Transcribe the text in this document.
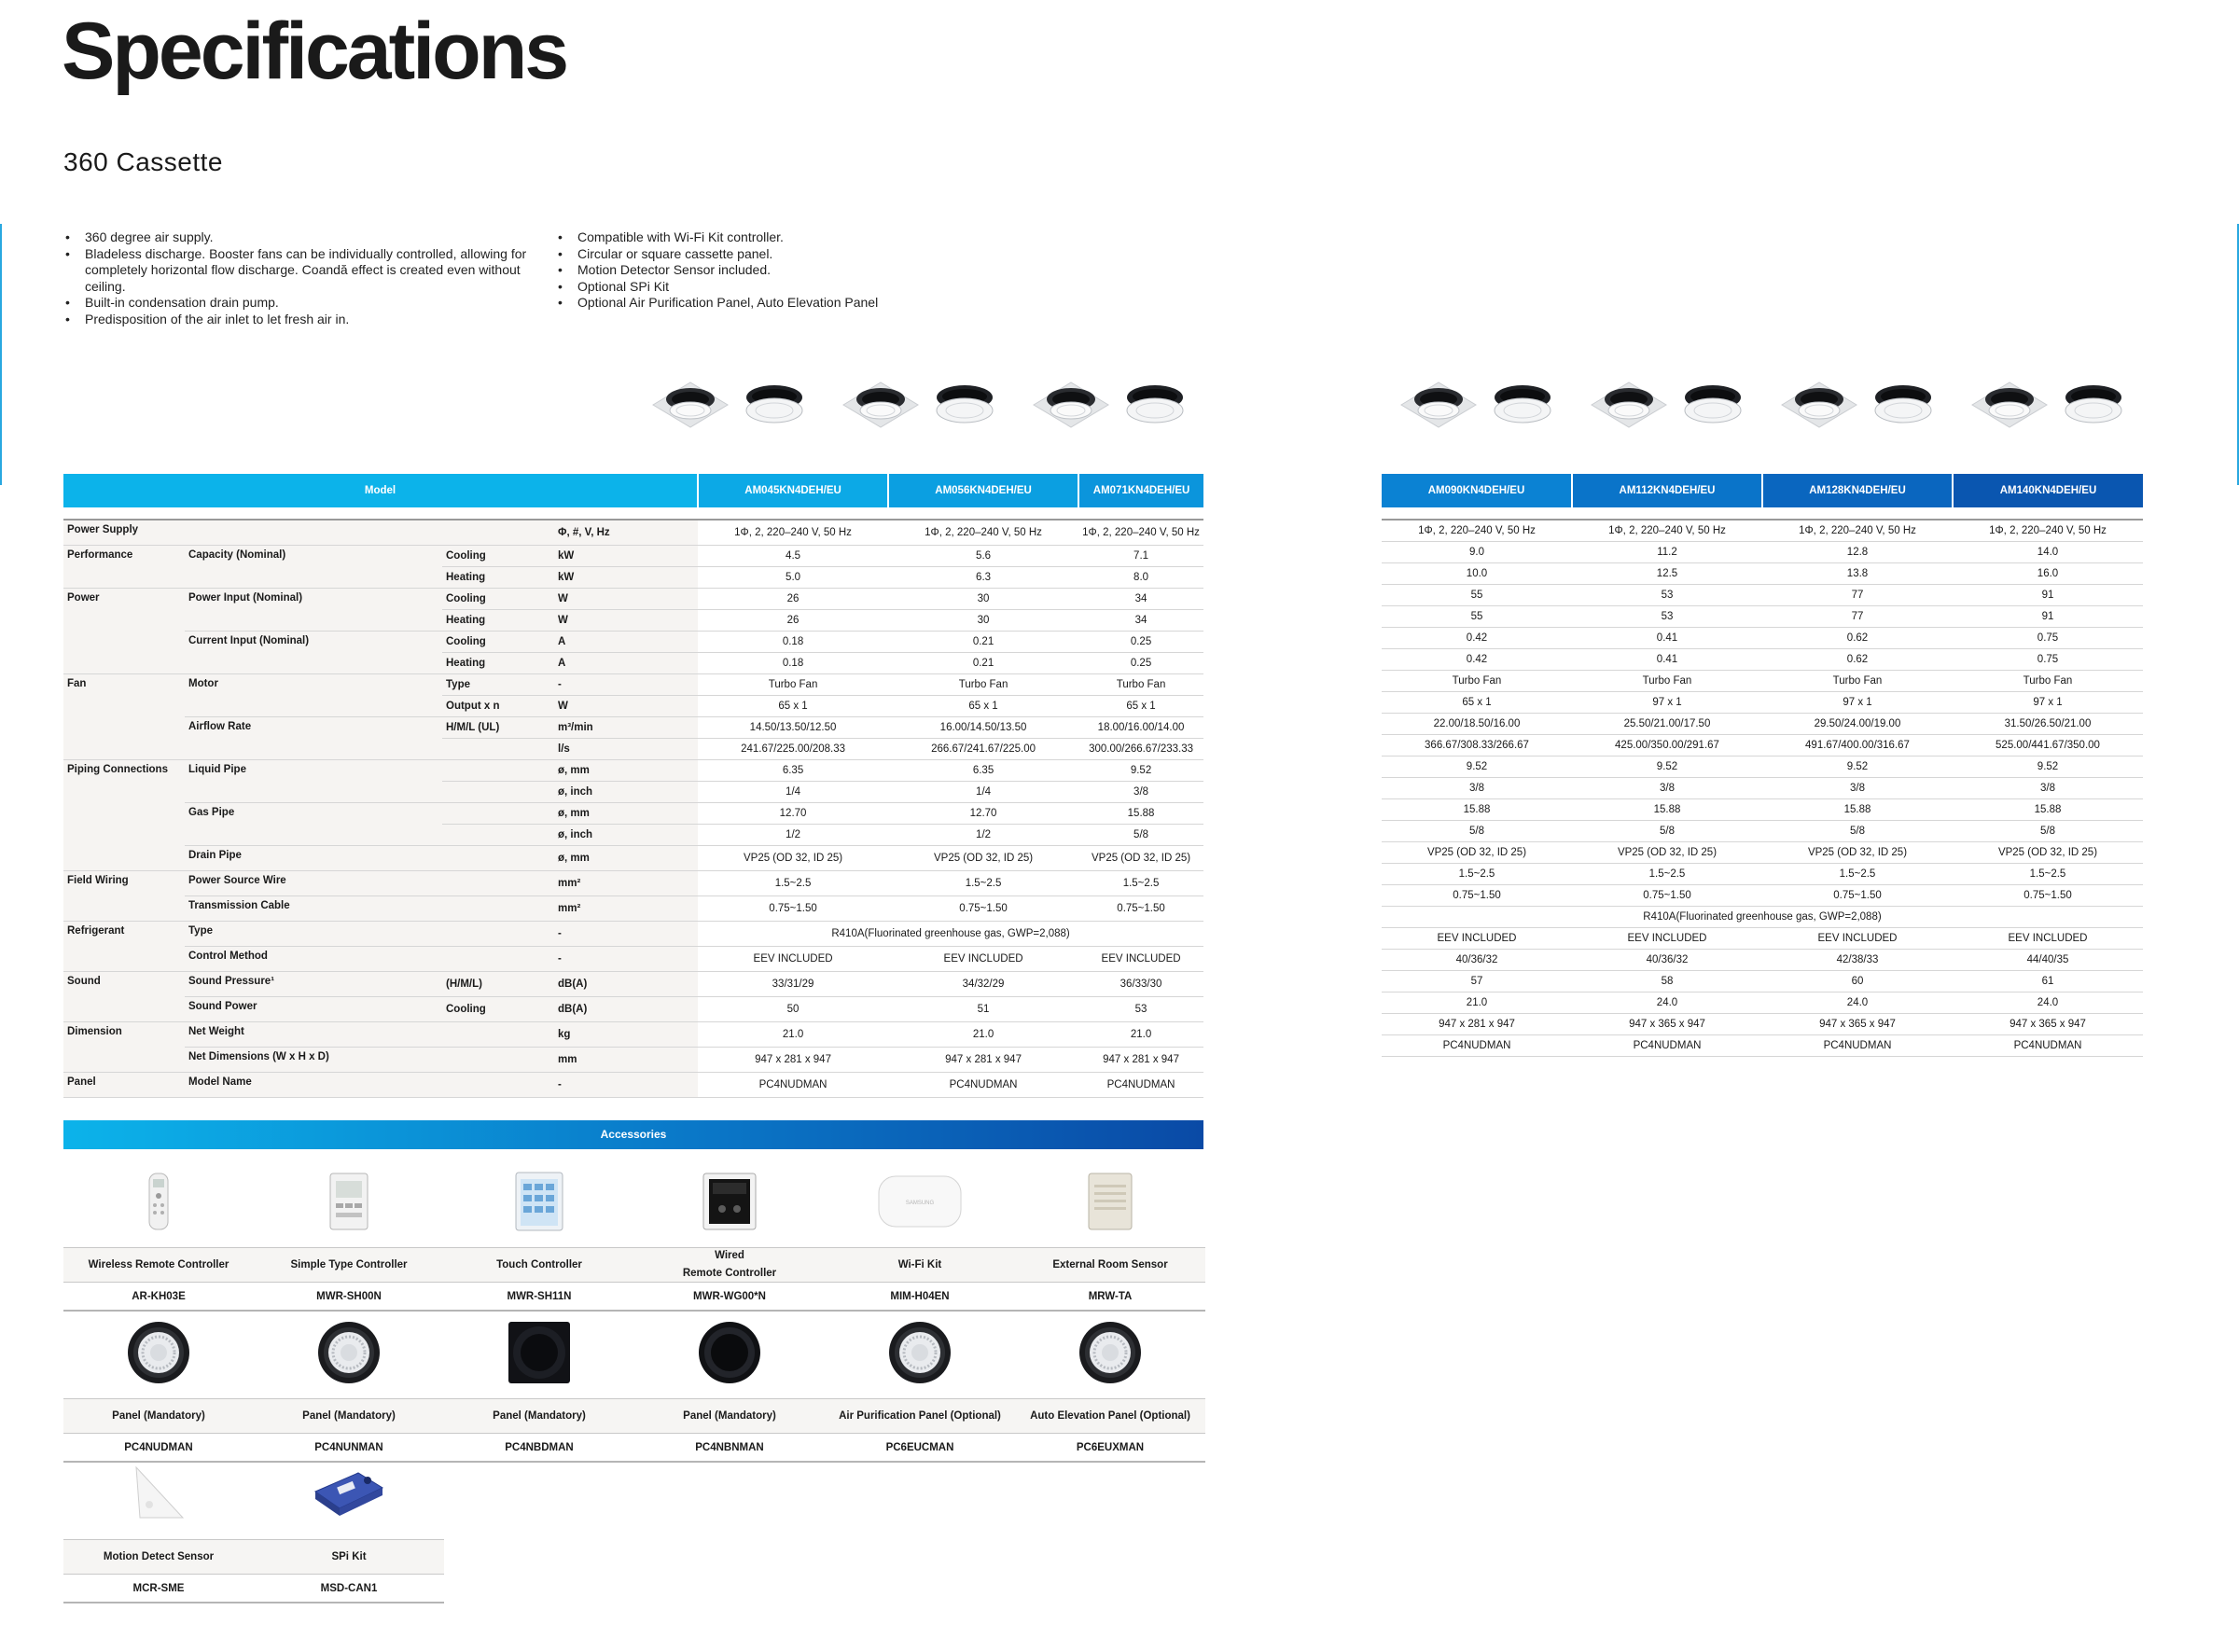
Specifications
360 Cassette
• 360 degree air supply.
• Bladeless discharge. Booster fans can be individually controlled, allowing for completely horizontal flow discharge. Coandă effect is created even without ceiling.
• Built-in condensation drain pump.
• Predisposition of the air inlet to let fresh air in.
• Compatible with Wi-Fi Kit controller.
• Circular or square cassette panel.
• Motion Detector Sensor included.
• Optional SPi Kit
• Optional Air Purification Panel, Auto Elevation Panel
Model				AM045KN4DEH/EU	AM056KN4DEH/EU	AM071KN4DEH/EU

Power Supply			Φ, #, V, Hz	1Φ, 2, 220–240 V, 50 Hz	1Φ, 2, 220–240 V, 50 Hz	1Φ, 2, 220–240 V, 50 Hz
Performance	Capacity (Nominal)	Cooling	kW	4.5	5.6	7.1
		Heating	kW	5.0	6.3	8.0
Power	Power Input (Nominal)	Cooling	W	26	30	34
		Heating	W	26	30	34
	Current Input (Nominal)	Cooling	A	0.18	0.21	0.25
		Heating	A	0.18	0.21	0.25
Fan	Motor	Type	-	Turbo Fan	Turbo Fan	Turbo Fan
		Output x n	W	65 x 1	65 x 1	65 x 1
	Airflow Rate	H/M/L (UL)	m³/min	14.50/13.50/12.50	16.00/14.50/13.50	18.00/16.00/14.00
			l/s	241.67/225.00/208.33	266.67/241.67/225.00	300.00/266.67/233.33
Piping Connections	Liquid Pipe		ø, mm	6.35	6.35	9.52
			ø, inch	1/4	1/4	3/8
	Gas Pipe		ø, mm	12.70	12.70	15.88
			ø, inch	1/2	1/2	5/8
	Drain Pipe		ø, mm	VP25 (OD 32, ID 25)	VP25 (OD 32, ID 25)	VP25 (OD 32, ID 25)
Field Wiring	Power Source Wire		mm²	1.5~2.5	1.5~2.5	1.5~2.5
	Transmission Cable		mm²	0.75~1.50	0.75~1.50	0.75~1.50
Refrigerant	Type		-	R410A(Fluorinated greenhouse gas, GWP=2,088)		
	Control Method		-	EEV INCLUDED	EEV INCLUDED	EEV INCLUDED
Sound	Sound Pressure¹	(H/M/L)	dB(A)	33/31/29	34/32/29	36/33/30
	Sound Power	Cooling	dB(A)	50	51	53
Dimension	Net Weight		kg	21.0	21.0	21.0
	Net Dimensions (W x H x D)		mm	947 x 281 x 947	947 x 281 x 947	947 x 281 x 947
Panel	Model Name		-	PC4NUDMAN	PC4NUDMAN	PC4NUDMAN
AM090KN4DEH/EU	AM112KN4DEH/EU	AM128KN4DEH/EU	AM140KN4DEH/EU

1Φ, 2, 220–240 V, 50 Hz	1Φ, 2, 220–240 V, 50 Hz	1Φ, 2, 220–240 V, 50 Hz	1Φ, 2, 220–240 V, 50 Hz
9.0	11.2	12.8	14.0
10.0	12.5	13.8	16.0
55	53	77	91
55	53	77	91
0.42	0.41	0.62	0.75
0.42	0.41	0.62	0.75
Turbo Fan	Turbo Fan	Turbo Fan	Turbo Fan
65 x 1	97 x 1	97 x 1	97 x 1
22.00/18.50/16.00	25.50/21.00/17.50	29.50/24.00/19.00	31.50/26.50/21.00
366.67/308.33/266.67	425.00/350.00/291.67	491.67/400.00/316.67	525.00/441.67/350.00
9.52	9.52	9.52	9.52
3/8	3/8	3/8	3/8
15.88	15.88	15.88	15.88
5/8	5/8	5/8	5/8
VP25 (OD 32, ID 25)	VP25 (OD 32, ID 25)	VP25 (OD 32, ID 25)	VP25 (OD 32, ID 25)
1.5~2.5	1.5~2.5	1.5~2.5	1.5~2.5
0.75~1.50	0.75~1.50	0.75~1.50	0.75~1.50
R410A(Fluorinated greenhouse gas, GWP=2,088)			
EEV INCLUDED	EEV INCLUDED	EEV INCLUDED	EEV INCLUDED
40/36/32	40/36/32	42/38/33	44/40/35
57	58	60	61
21.0	24.0	24.0	24.0
947 x 281 x 947	947 x 365 x 947	947 x 365 x 947	947 x 365 x 947
PC4NUDMAN	PC4NUDMAN	PC4NUDMAN	PC4NUDMAN
Accessories
Wireless Remote Controller
AR-KH03E
Simple Type Controller
MWR-SH00N
Touch Controller
MWR-SH11N
Wired
Remote Controller
MWR-WG00*N
SAMSUNG
Wi-Fi Kit
MIM-H04EN
External Room Sensor
MRW-TA
Panel (Mandatory)
PC4NUDMAN
Panel (Mandatory)
PC4NUNMAN
Panel (Mandatory)
PC4NBDMAN
Panel (Mandatory)
PC4NBNMAN
Air Purification Panel (Optional)
PC6EUCMAN
Auto Elevation Panel (Optional)
PC6EUXMAN
Motion Detect Sensor
MCR-SME
SPi Kit
MSD-CAN1
